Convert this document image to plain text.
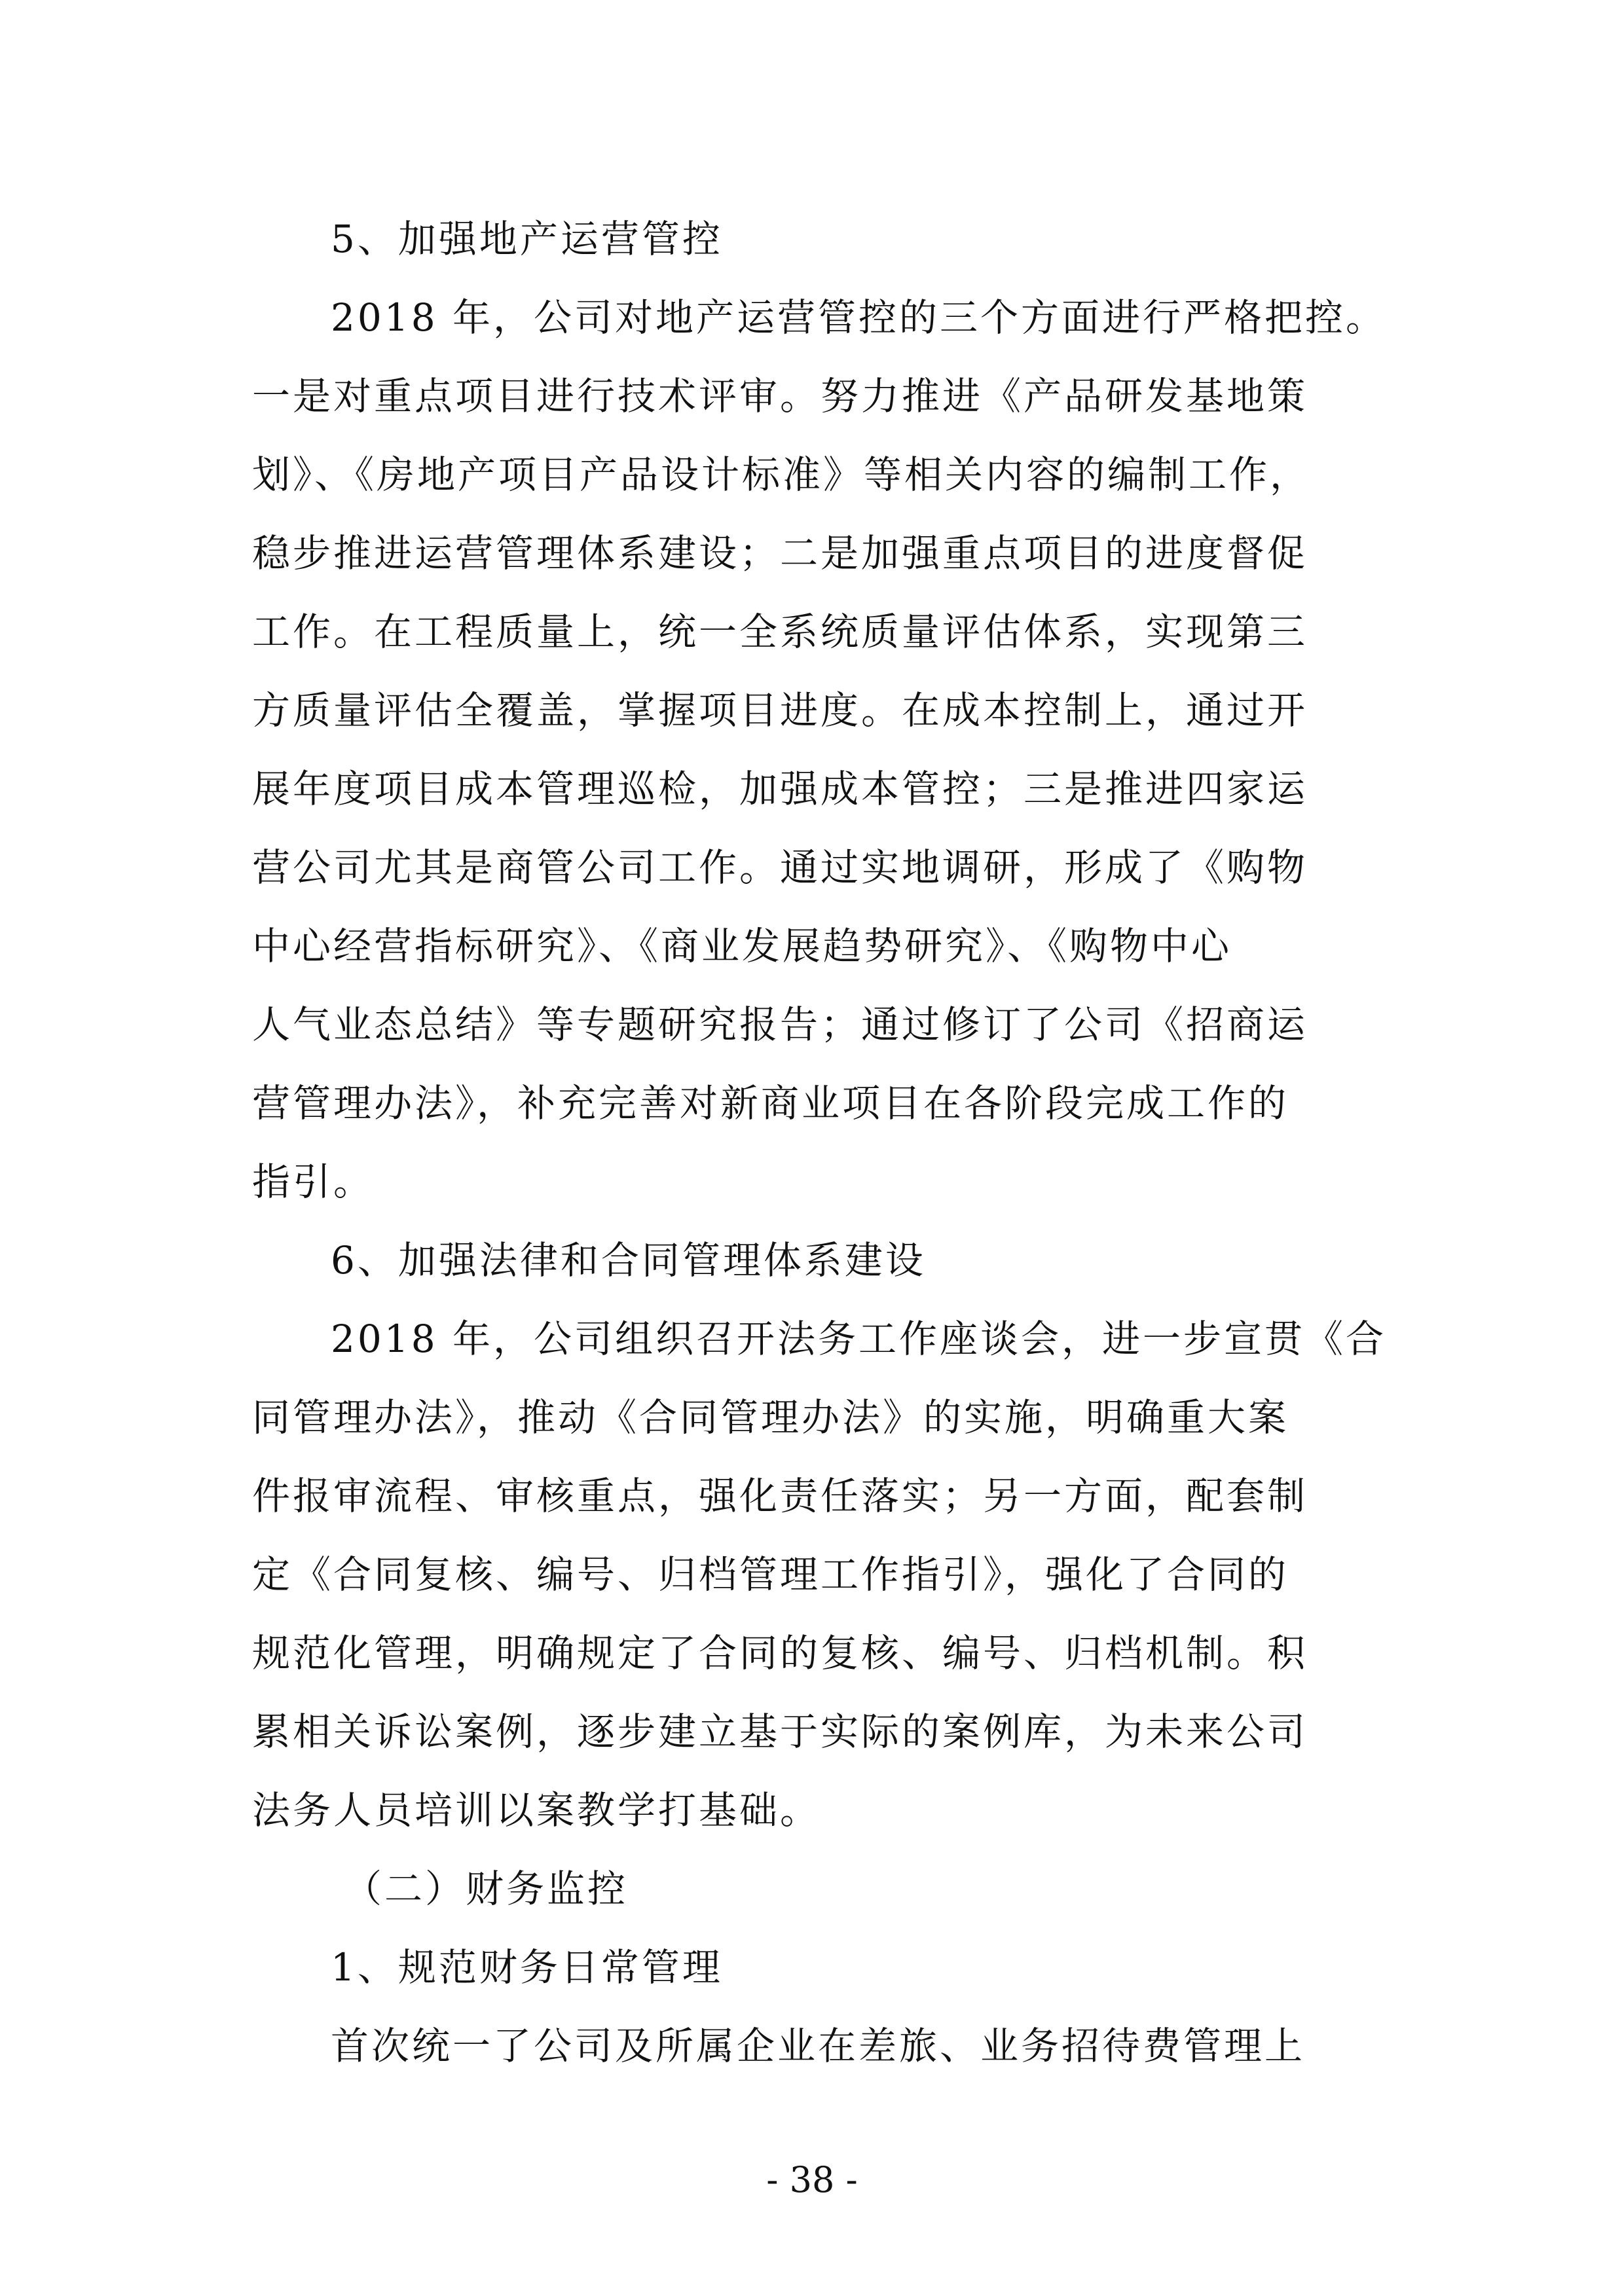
5、加强地产运营管控
2018 年，公司对地产运营管控的三个方面进行严格把控。
一是对重点项目进行技术评审。努力推进《产品研发基地策
划》、《房地产项目产品设计标准》等相关内容的编制工作，
稳步推进运营管理体系建设；二是加强重点项目的进度督促
工作。在工程质量上，统一全系统质量评估体系，实现第三
方质量评估全覆盖，掌握项目进度。在成本控制上，通过开
展年度项目成本管理巡检，加强成本管控；三是推进四家运
营公司尤其是商管公司工作。通过实地调研，形成了《购物
中心经营指标研究》、《商业发展趋势研究》、《购物中心
人气业态总结》等专题研究报告；通过修订了公司《招商运
营管理办法》，补充完善对新商业项目在各阶段完成工作的
指引。
6、加强法律和合同管理体系建设
2018 年，公司组织召开法务工作座谈会，进一步宣贯《合
同管理办法》，推动《合同管理办法》的实施，明确重大案
件报审流程、审核重点，强化责任落实；另一方面，配套制
定《合同复核、编号、归档管理工作指引》，强化了合同的
规范化管理，明确规定了合同的复核、编号、归档机制。积
累相关诉讼案例，逐步建立基于实际的案例库，为未来公司
法务人员培训以案教学打基础。
（二）财务监控
1、规范财务日常管理
首次统一了公司及所属企业在差旅、业务招待费管理上
- 38 -
